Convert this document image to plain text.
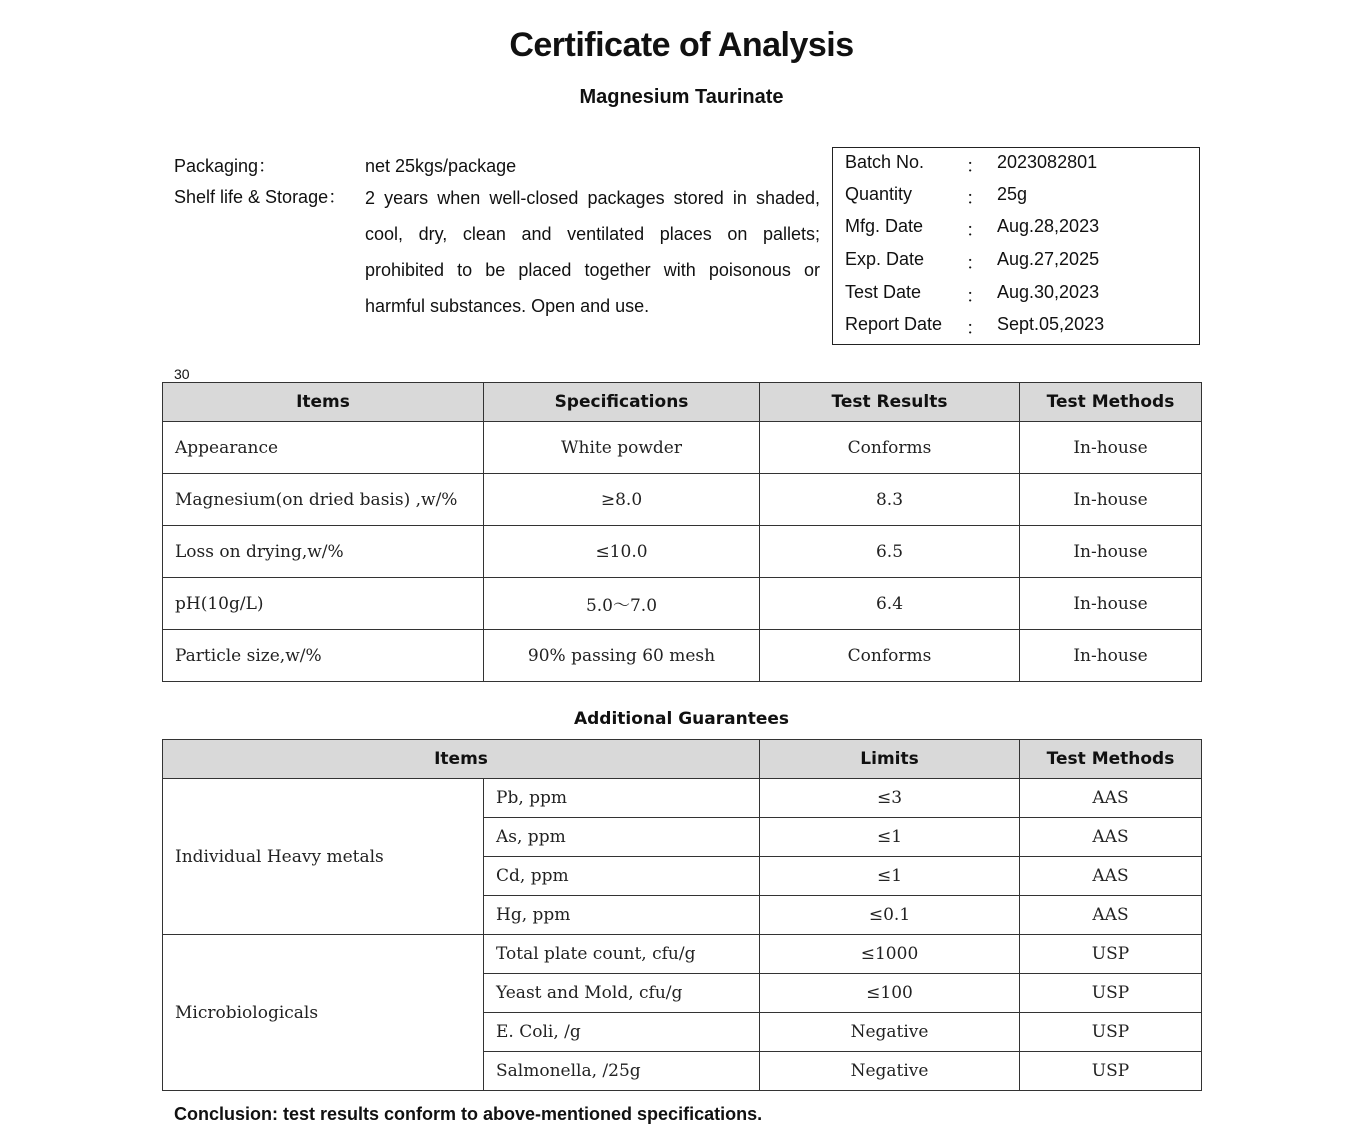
Certificate of Analysis
Magnesium Taurinate
Packaging：	net 25kgs/package
Shelf life & Storage： 2 years when well-closed packages stored in shaded, cool, dry, clean and ventilated places on pallets; prohibited to be placed together with poisonous or harmful substances. Open and use.
Batch No. ： 2023082801
Quantity	： 25g
Mfg. Date ： Aug.28,2023
Exp. Date ： Aug.27,2025
Test Date ： Aug.30,2023
Report Date ： Sept.05,2023
30
Items	Specifications	Test Results	Test Methods
Appearance	White powder	Conforms	In-house
Magnesium(on dried basis) ,w/%	≥8.0	8.3	In-house
Loss on drying,w/%	≤10.0	6.5	In-house
pH(10g/L)	5.0～7.0	6.4	In-house
Particle size,w/%	90% passing 60 mesh	Conforms	In-house
Additional Guarantees
Items		Limits	Test Methods
Individual Heavy metals	Pb, ppm	≤3	AAS
	As, ppm	≤1	AAS
	Cd, ppm	≤1	AAS
	Hg, ppm	≤0.1	AAS
Microbiologicals	Total plate count, cfu/g	≤1000	USP
	Yeast and Mold, cfu/g	≤100	USP
	E. Coli, /g	Negative	USP
	Salmonella, /25g	Negative	USP
Conclusion: test results conform to above-mentioned specifications.
